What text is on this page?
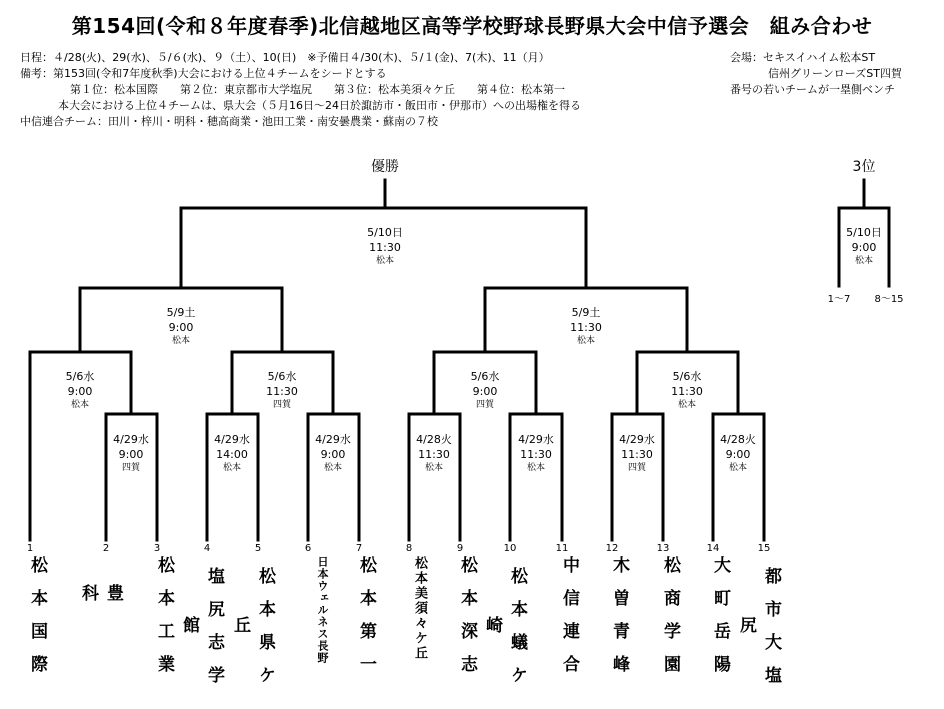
第154回(令和８年度春季)北信越地区高等学校野球長野県大会中信予選会　組み合わせ
日程：４/28(火)、29(水)、５/６(水)、９（土）、10(日)　※予備日４/30(木)、５/１(金)、7(木)、11（月）
備考：第153回(令和7年度秋季)大会における上位４チームをシードとする
第１位：松本国際　　第２位：東京都市大学塩尻　　第３位：松本美須々ケ丘　　第４位：松本第一
本大会における上位４チームは、県大会（５月16日〜24日於諏訪市・飯田市・伊那市）への出場権を得る
中信連合チーム：田川・梓川・明科・穂高商業・池田工業・南安曇農業・蘇南の７校
会場：セキスイハイム松本ST
信州グリーンローズST四賀
番号の若いチームが一塁側ベンチ
優勝	3位
5/10日
11:30
松本
5/10日
9:00
松本
5/9土
9:00
松本
5/9土
11:30
松本
5/6水
9:00
松本
5/6水
11:30
四賀
5/6水
9:00
四賀
5/6水
11:30
松本
4/29水
9:00
四賀
4/29水
14:00
松本
4/29水
9:00
松本
4/28火
11:30
松本
4/29水
11:30
松本
4/29水
11:30
四賀
4/28火
9:00
松本
1〜7	8〜15
1	2	3	4	5	6	7	8	9	10	11	12	13	14	15
松本国際	豊科	松本工業	塩尻志学館	松本県ケ丘	日本ウェルネス長野	松本第一	松本美須々ケ丘	松本深志	松本蟻ケ崎	中信連合	木曽青峰	松商学園	大町岳陽	都市大塩尻
